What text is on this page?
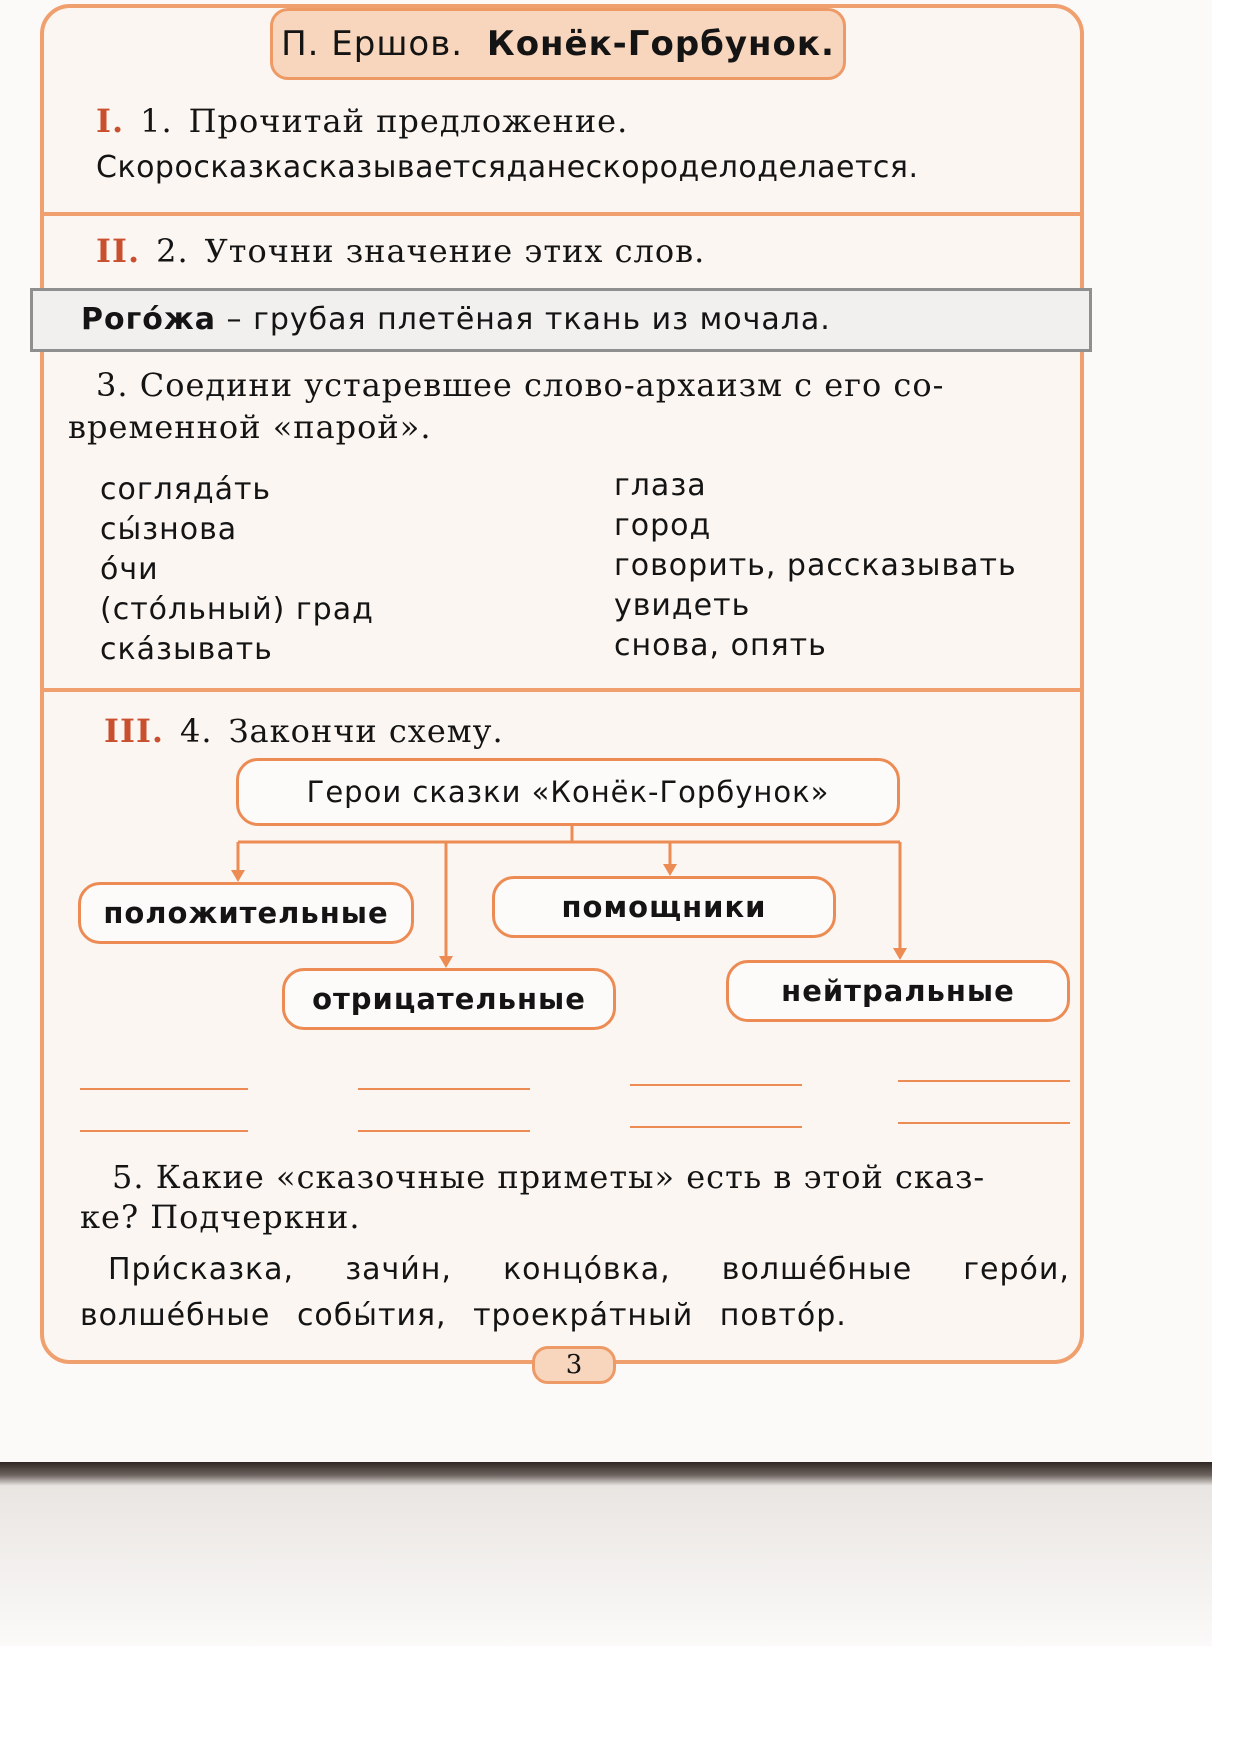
П. Ершов. Конёк-Горбунок.
I. 1. Прочитай предложение.
Скоросказкасказываетсяданескороделоделается.
II. 2. Уточни значение этих слов.
Рого́жа – грубая плетёная ткань из мочала.
3. Соедини устаревшее слово-архаизм с его со-
временной «парой».
согляда́ть
сы́знова
о́чи
(сто́льный) град
ска́зывать
глаза
город
говорить, рассказывать
увидеть
снова, опять
III. 4. Закончи схему.
Герои сказки «Конёк-Горбунок»
положительные	помощники
отрицательные	нейтральные
5. Какие «сказочные приметы» есть в этой сказ-
ке? Подчеркни.
При́сказка, зачи́н, концо́вка, волше́бные геро́и,
волше́бные собы́тия, троекра́тный повто́р.
3
